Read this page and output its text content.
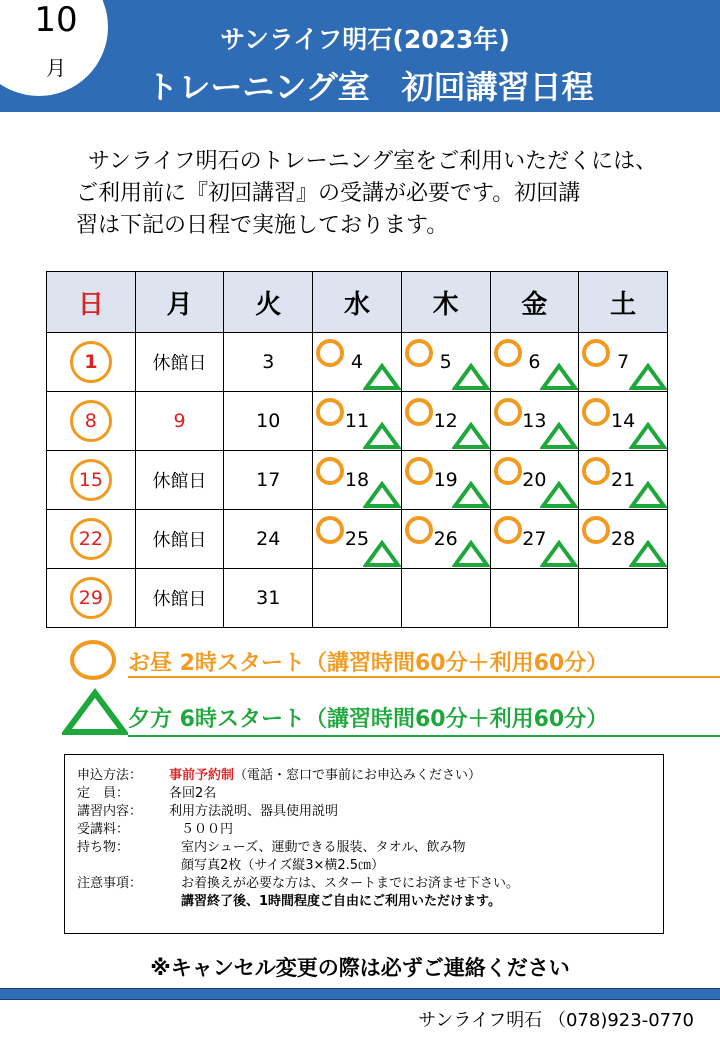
10
月
サンライフ明石(2023年)
トレーニング室　初回講習日程

　サンライフ明石のトレーニング室をご利用いただくには、

ご利用前に『初回講習』の受講が必要です。初回講

習は下記の日程で実施しております。

日	月	火	水	木	金	土
1	休館日	3	4	5	6	7

8	9	10	11	12	13	14

15	休館日	17	18	19	20	21

22	休館日	24	25	26	27	28

29	休館日	31				
お昼 2時スタート（講習時間60分＋利用60分）
夕方 6時スタート（講習時間60分＋利用60分）
申込方法： 事前予約制（電話・窓口で事前にお申込みください）
定　員：	各回2名
講習内容： 利用方法説明、器具使用説明
受講料：	５００円
持ち物：	室内シューズ、運動できる服装、タオル、飲み物
顔写真2枚（サイズ縦3×横2.5㎝）
注意事項：	お着換えが必要な方は、スタートまでにお済ませ下さい。
講習終了後、1時間程度ご自由にご利用いただけます。
※キャンセル変更の際は必ずご連絡ください
サンライフ明石 （078)923-0770
